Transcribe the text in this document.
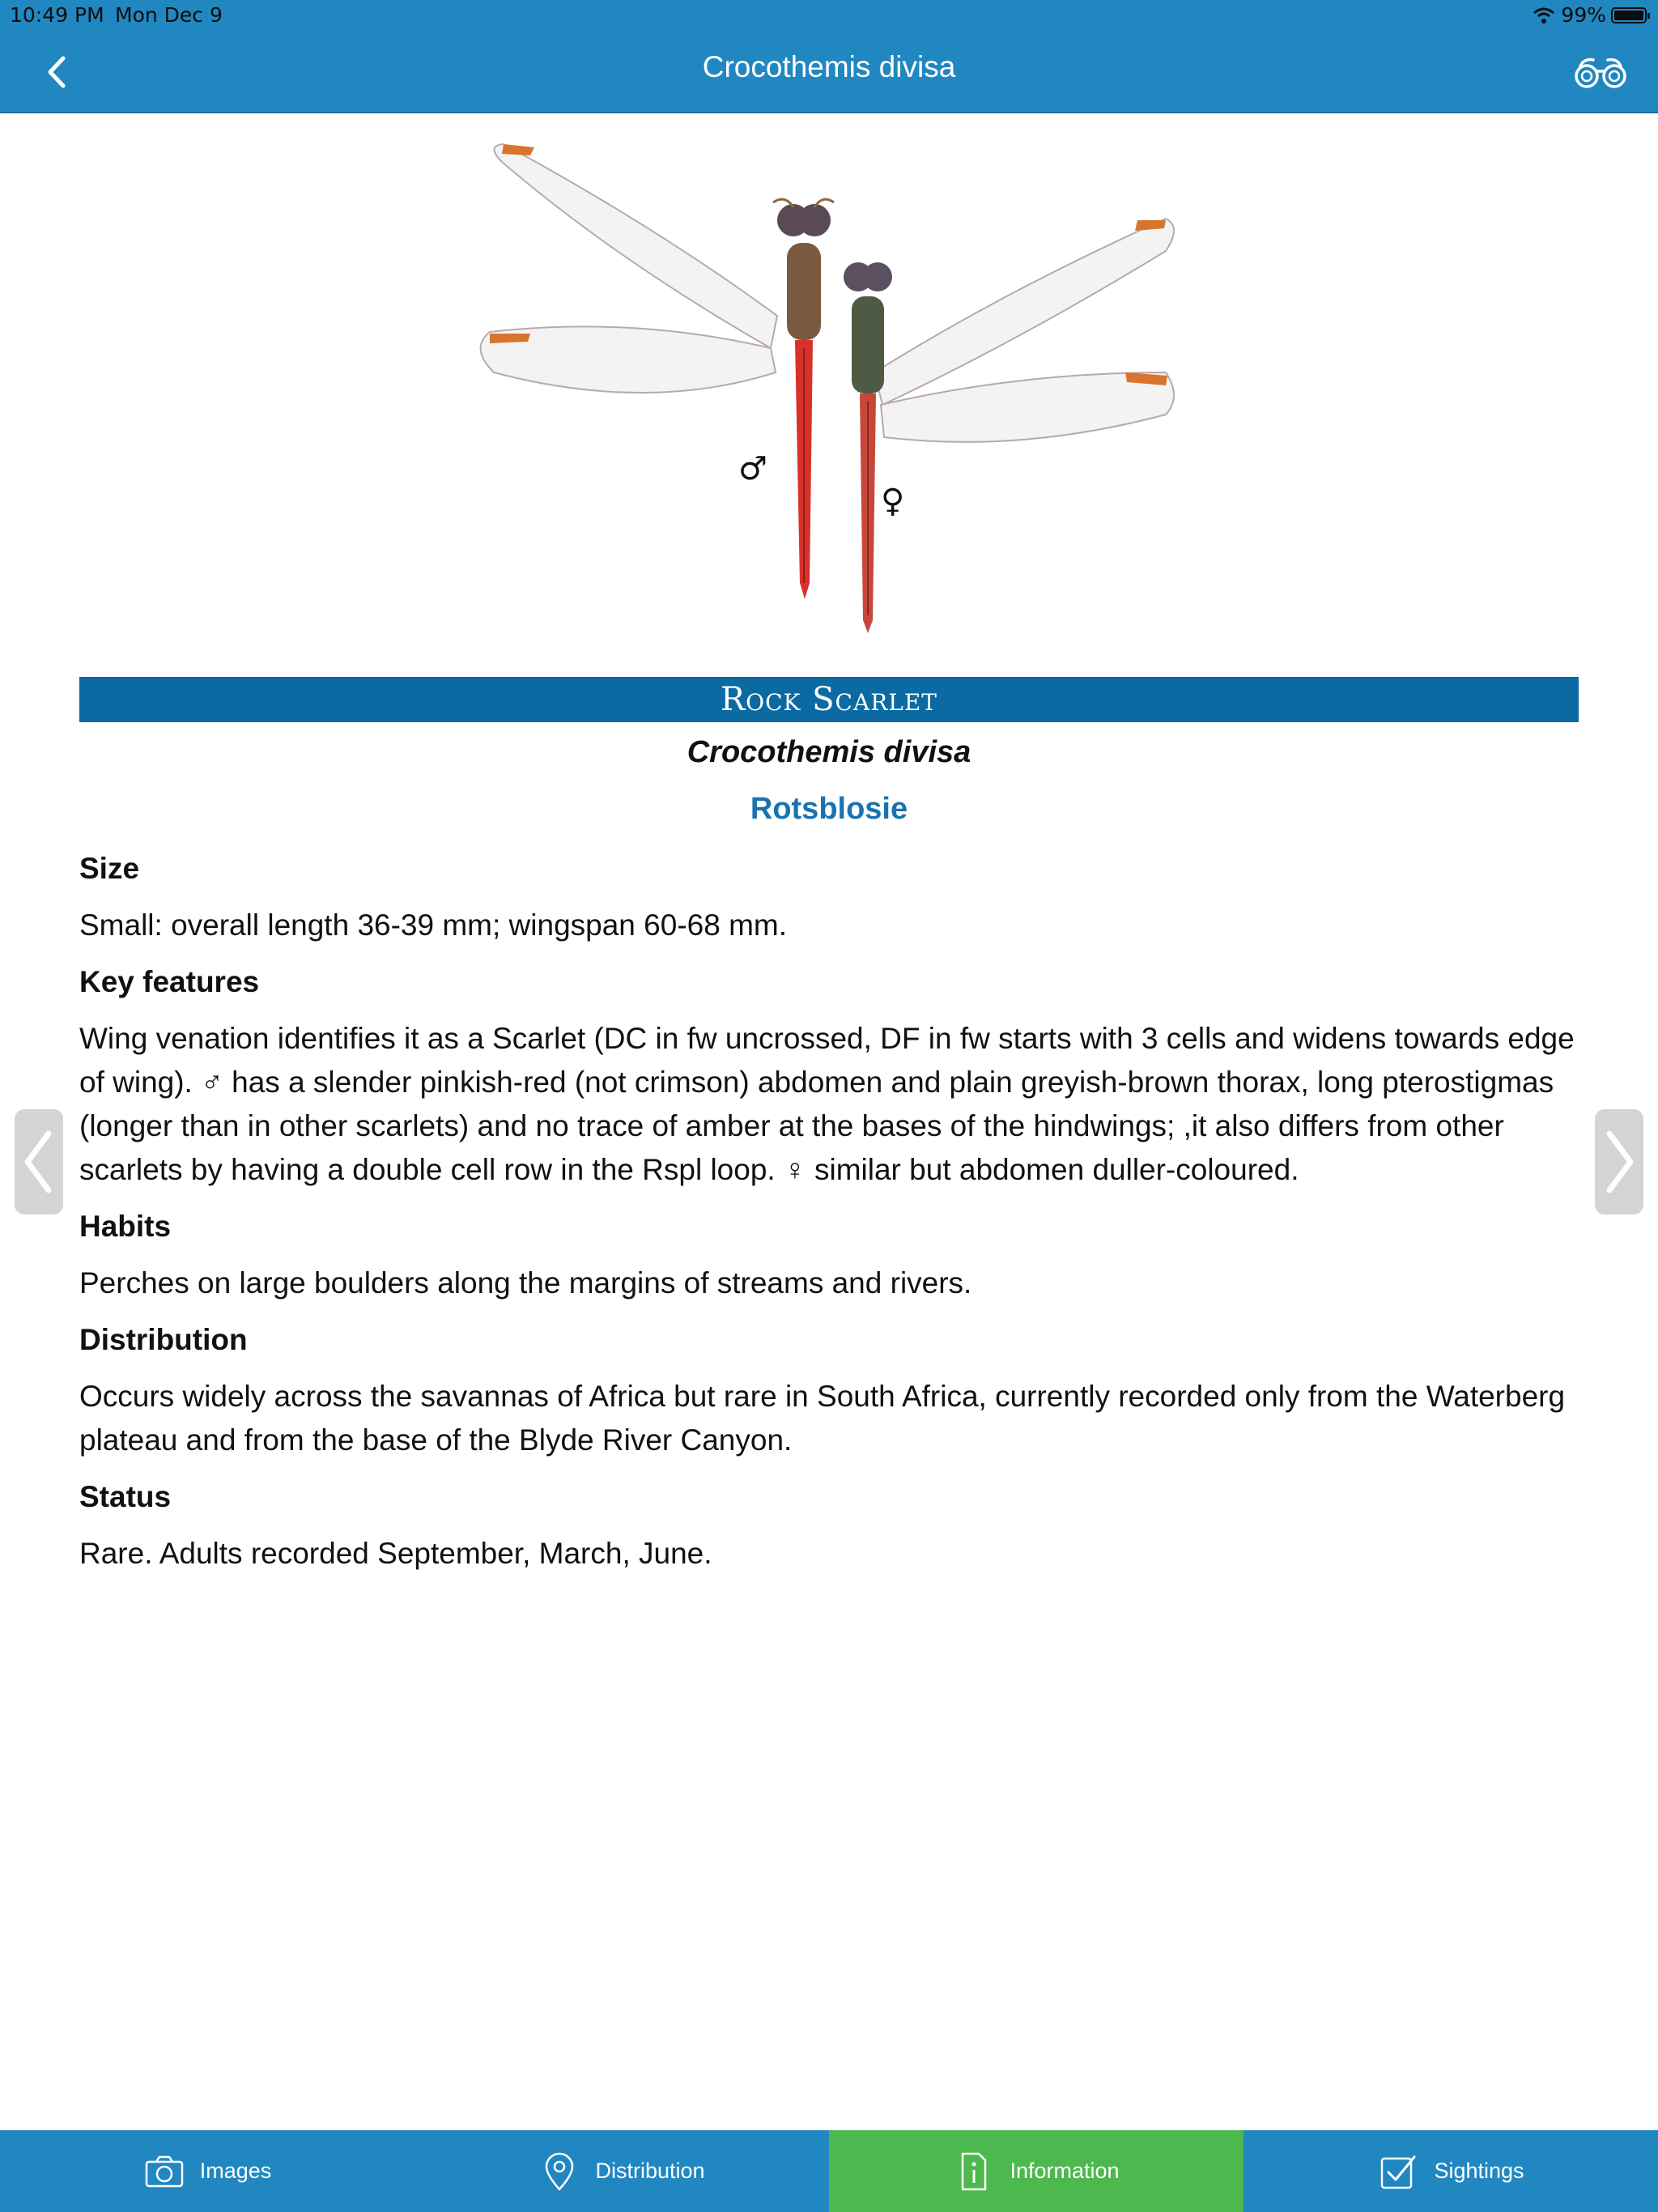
10:49 PM Mon Dec 9	99%
Crocothemis divisa
♂
♀
Rock Scarlet
Crocothemis divisa
Rotsblosie
Size

Small: overall length 36-39 mm; wingspan 60-68 mm.

Key features

Wing venation identifies it as a Scarlet (DC in fw uncrossed, DF in fw starts with 3 cells and widens towards edge of wing). ♂ has a slender pinkish-red (not crimson) abdomen and plain greyish-brown thorax, long pterostigmas (longer than in other scarlets) and no trace of amber at the bases of the hindwings; ,it also differs from other scarlets by having a double cell row in the Rspl loop. ♀ similar but abdomen duller-coloured.

Habits

Perches on large boulders along the margins of streams and rivers.

Distribution

Occurs widely across the savannas of Africa but rare in South Africa, currently recorded only from the Waterberg plateau and from the base of the Blyde River Canyon.

Status

Rare. Adults recorded September, March, June.

Images	Distribution	Information	Sightings
